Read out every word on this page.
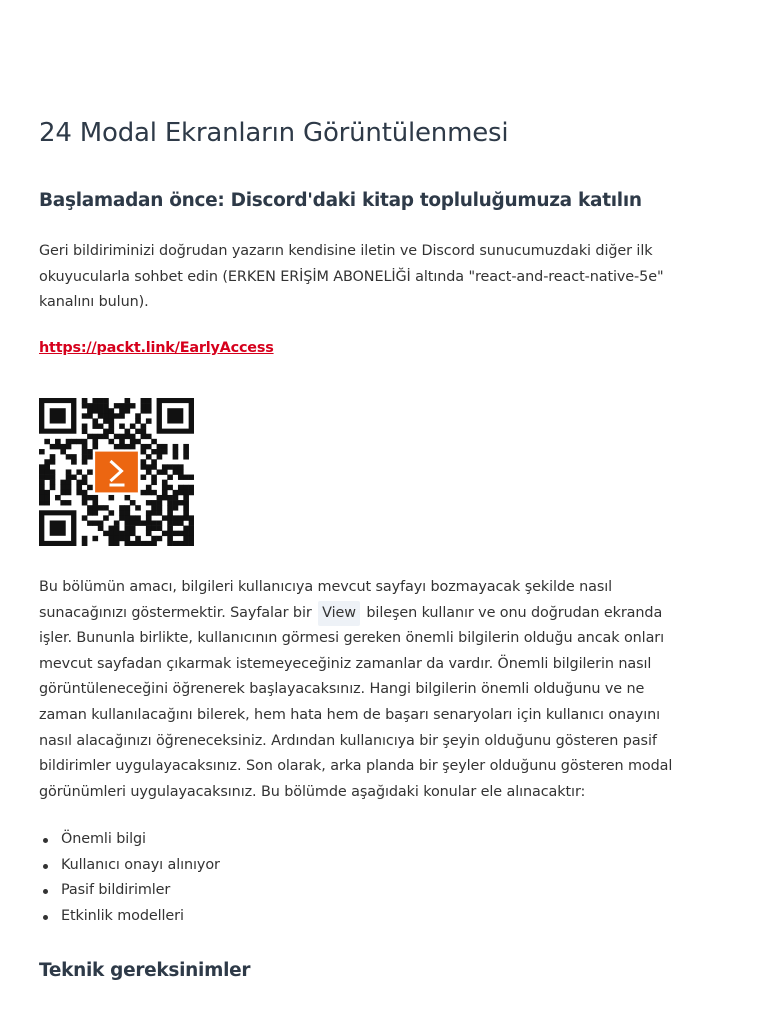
24 Modal Ekranların Görüntülenmesi
Başlamadan önce: Discord'daki kitap topluluğumuza katılın

Geri bildiriminizi doğrudan yazarın kendisine iletin ve Discord sunucumuzdaki diğer ilk
okuyucularla sohbet edin (ERKEN ERİŞİM ABONELİĞİ altında "react-and-react-native-5e"
kanalını bulun).

https://packt.link/EarlyAccess

Bu bölümün amacı, bilgileri kullanıcıya mevcut sayfayı bozmayacak şekilde nasıl
sunacağınızı göstermektir. Sayfalar bir View bileşen kullanır ve onu doğrudan ekranda
işler. Bununla birlikte, kullanıcının görmesi gereken önemli bilgilerin olduğu ancak onları
mevcut sayfadan çıkarmak istemeyeceğiniz zamanlar da vardır. Önemli bilgilerin nasıl
görüntüleneceğini öğrenerek başlayacaksınız. Hangi bilgilerin önemli olduğunu ve ne
zaman kullanılacağını bilerek, hem hata hem de başarı senaryoları için kullanıcı onayını
nasıl alacağınızı öğreneceksiniz. Ardından kullanıcıya bir şeyin olduğunu gösteren pasif
bildirimler uygulayacaksınız. Son olarak, arka planda bir şeyler olduğunu gösteren modal
görünümleri uygulayacaksınız. Bu bölümde aşağıdaki konular ele alınacaktır:

Önemli bilgi
Kullanıcı onayı alınıyor
Pasif bildirimler
Etkinlik modelleri
Teknik gereksinimler
